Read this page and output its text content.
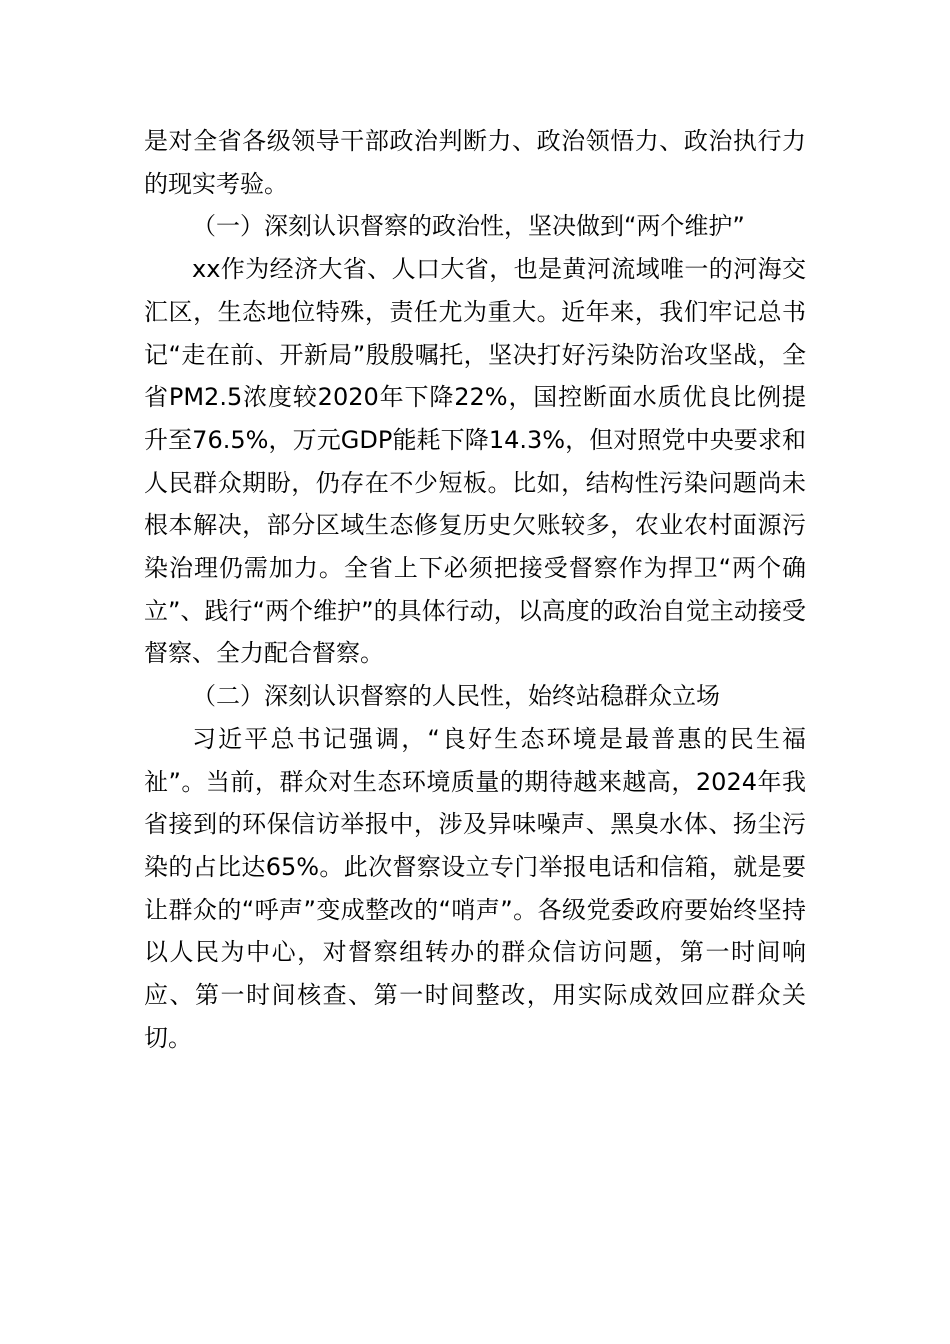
是对全省各级领导干部政治判断力、政治领悟力、政治执行力的现实考验。

（一）深刻认识督察的政治性，坚决做到“两个维护”

xx作为经济大省、人口大省，也是黄河流域唯一的河海交汇区，生态地位特殊，责任尤为重大。近年来，我们牢记总书记“走在前、开新局”殷殷嘱托，坚决打好污染防治攻坚战，全省PM2.5浓度较2020年下降22%，国控断面水质优良比例提升至76.5%，万元GDP能耗下降14.3%，但对照党中央要求和人民群众期盼，仍存在不少短板。比如，结构性污染问题尚未根本解决，部分区域生态修复历史欠账较多，农业农村面源污染治理仍需加力。全省上下必须把接受督察作为捍卫“两个确立”、践行“两个维护”的具体行动，以高度的政治自觉主动接受督察、全力配合督察。

（二）深刻认识督察的人民性，始终站稳群众立场

习近平总书记强调，“良好生态环境是最普惠的民生福祉”。当前，群众对生态环境质量的期待越来越高，2024年我省接到的环保信访举报中，涉及异味噪声、黑臭水体、扬尘污染的占比达65%。此次督察设立专门举报电话和信箱，就是要让群众的“呼声”变成整改的“哨声”。各级党委政府要始终坚持以人民为中心，对督察组转办的群众信访问题，第一时间响应、第一时间核查、第一时间整改，用实际成效回应群众关切。
